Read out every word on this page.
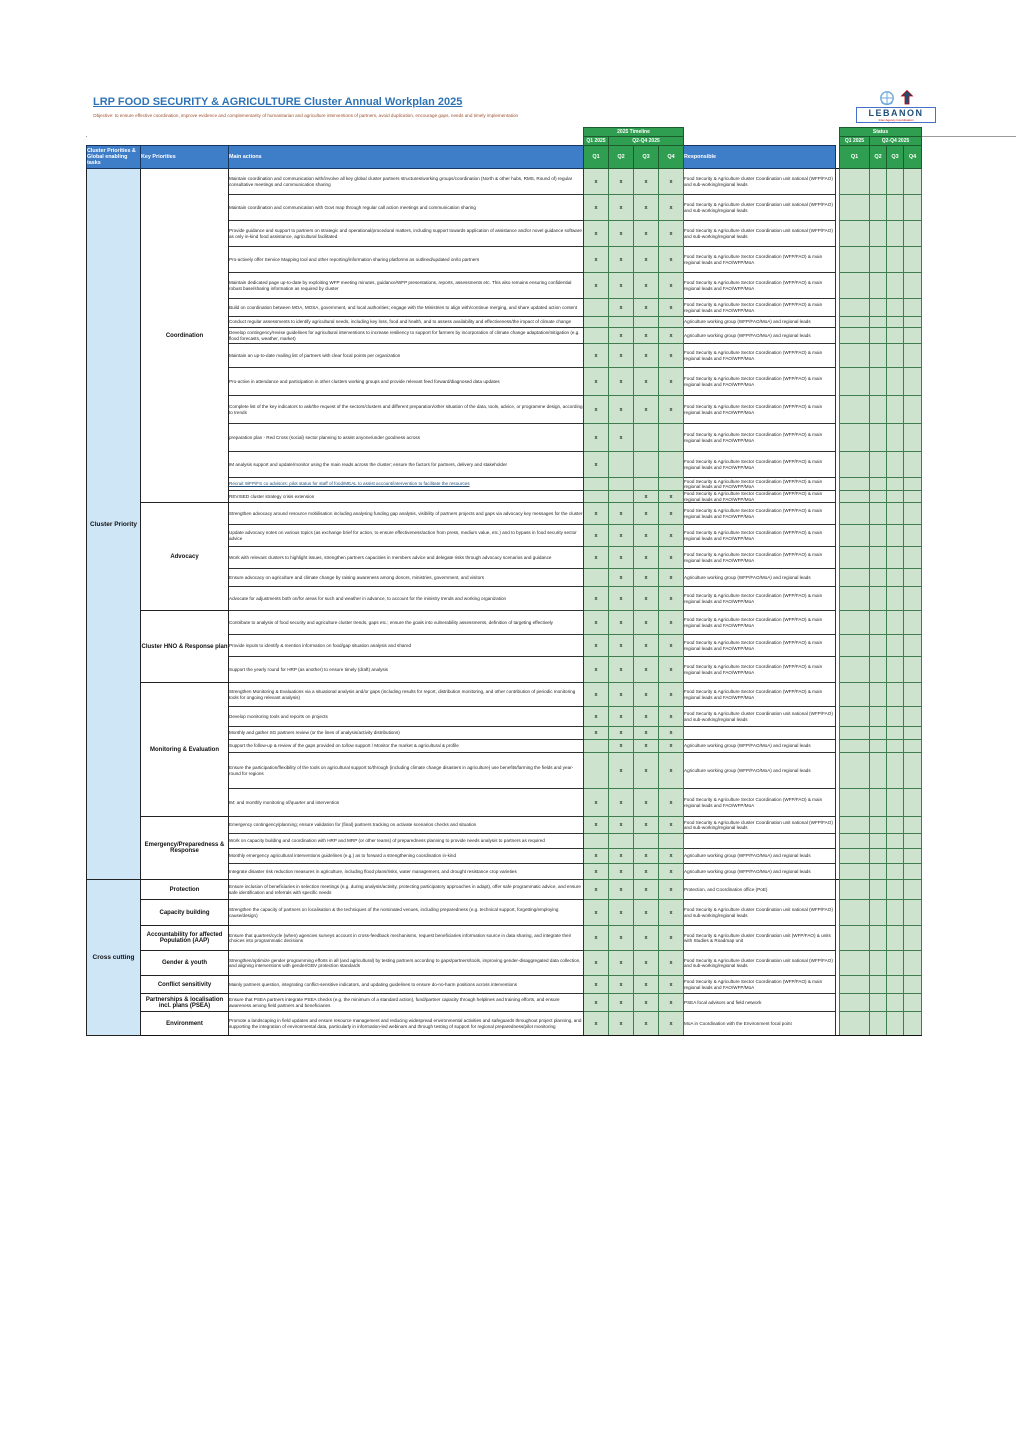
LRP FOOD SECURITY & AGRICULTURE Cluster Annual Workplan 2025
Objective: to ensure effective coordination, improve evidence and complementarity of humanitarian and agriculture interventions of partners, avoid duplication, encourage gaps, needs and timely implementation	LEBANON
Inter-Agency Coordination
			2025 Timeline						Status			
			Q1 2025	Q2-Q4 2025					Q1 2025	Q2-Q4 2025		
Cluster Priorities & Global enabling tasks	Key Priorities	Main actions	Q1	Q2	Q3	Q4	Responsible		Q1	Q2	Q3	Q4
Cluster Priority	Coordination	Maintain coordination and communication with/involve all key global cluster partners structures/working groups/coordination (North & other hubs, RMS, Round of) regular consultative meetings and communication sharing	x	x	x	x	Food Security & Agriculture cluster Coordination unit national (WFP/FAO) and sub-working/regional leads					
		Maintain coordination and communication with Govt map through regular call action meetings and communication sharing	x	x	x	x	Food Security & Agriculture cluster Coordination unit national (WFP/FAO) and sub-working/regional leads					
		Provide guidance and support to partners on strategic and operational/procedural matters, including support towards application of assistance and/or novel guidance software as only in-kind food assistance, agricultural facilitated	x	x	x	x	Food Security & Agriculture cluster Coordination unit national (WFP/FAO) and sub-working/regional leads					
		Pro-actively offer Service Mapping tool and other reporting/information sharing platforms as outlined/updated on/to partners	x	x	x	x	Food Security & Agriculture Sector Coordination (WFP/FAO) & main regional leads and FAO/WFP/MoA					
		Maintain dedicated page up-to-date by exploiting WFP meeting minutes, guidance/WFP presentations, reports, assessments etc. This also remains ensuring confidential robust base/sharing information as required by cluster	x	x	x	x	Food Security & Agriculture Sector Coordination (WFP/FAO) & main regional leads and FAO/WFP/MoA					
		Build on coordination between MOA, MOSA, government, and local authorities; engage with the Ministries to align with/continue merging, and share updated action content		x	x	x	Food Security & Agriculture Sector Coordination (WFP/FAO) & main regional leads and FAO/WFP/MoA					
		Conduct regular assessments to identify agricultural needs, including key loss, food and health, and to assess availability and effectiveness/the impact of climate change					Agriculture working group (WFP/FAO/MoA) and regional leads					
		Develop contingency/revise guidelines for agricultural interventions to increase resiliency to support for farmers by incorporation of climate change adaptation/mitigation (e.g. flood forecasts, weather, market)		x	x	x	Agriculture working group (WFP/FAO/MoA) and regional leads					
		Maintain an up-to-date mailing list of partners with clear focal points per organization	x	x	x	x	Food Security & Agriculture Sector Coordination (WFP/FAO) & main regional leads and FAO/WFP/MoA					
		Pro-active in attendance and participation in other clusters working groups and provide relevant feed forward/diagnosed data updates	x	x	x	x	Food Security & Agriculture Sector Coordination (WFP/FAO) & main regional leads and FAO/WFP/MoA					
		Complete list of the key indicators to ask/the request of the sectors/clusters and different preparation/other situation of the data, tools, advice, or programme design, according to trends	x	x	x	x	Food Security & Agriculture Sector Coordination (WFP/FAO) & main regional leads and FAO/WFP/MoA					
		preparation plan - Red Cross (social) sector planning to assist anyone/under goodness across	x	x			Food Security & Agriculture Sector Coordination (WFP/FAO) & main regional leads and FAO/WFP/MoA					
		IM analysis support and update/monitor using the main reads across the cluster; ensure the factors for partners, delivery and stakeholder	x				Food Security & Agriculture Sector Coordination (WFP/FAO) & main regional leads and FAO/WFP/MoA					
		Recruit WFP/FS co advisors: pilot status for staff of food/MEAL to assist account/intervention to facilitate the resources					Food Security & Agriculture Sector Coordination (WFP/FAO) & main regional leads and FAO/WFP/MoA					
		REVISED cluster strategy crisis extension			x	x	Food Security & Agriculture Sector Coordination (WFP/FAO) & main regional leads and FAO/WFP/MoA					
	Advocacy	Strengthen advocacy around resource mobilisation including analysing funding gap analysis, visibility of partners projects and gaps via advocacy key messages for the cluster	x	x	x	x	Food Security & Agriculture Sector Coordination (WFP/FAO) & main regional leads and FAO/WFP/MoA					
		Update advocacy notes on various topics (as exchange brief for action, to ensure effectiveness/action from press, medium value, etc.) and to bypass in food security sector advice	x	x	x	x	Food Security & Agriculture Sector Coordination (WFP/FAO) & main regional leads and FAO/WFP/MoA					
		Work with relevant clusters to highlight issues, strengthen partners capacities in members advice and delegate risks through advocacy scenarios and guidance	x	x	x	x	Food Security & Agriculture Sector Coordination (WFP/FAO) & main regional leads and FAO/WFP/MoA					
		Ensure advocacy on agriculture and climate change by raising awareness among donors, ministries, government, and visitors		x	x	x	Agriculture working group (WFP/FAO/MoA) and regional leads					
		Advocate for adjustments both on/for areas for such and weather in advance, to account for the ministry trends and working organization	x	x	x	x	Food Security & Agriculture Sector Coordination (WFP/FAO) & main regional leads and FAO/WFP/MoA					
	Cluster HNO & Response plan	Contribute to analysis of food security and agriculture cluster trends, gaps etc.; ensure the goals into vulnerability assessments, definition of targeting effectively	x	x	x	x	Food Security & Agriculture Sector Coordination (WFP/FAO) & main regional leads and FAO/WFP/MoA					
		Provide inputs to identify & mention information on food/gap situation analysis and shared	x	x	x	x	Food Security & Agriculture Sector Coordination (WFP/FAO) & main regional leads and FAO/WFP/MoA					
		Support the yearly round for HRP (as another) to ensure timely (draft) analysis	x	x	x	x	Food Security & Agriculture Sector Coordination (WFP/FAO) & main regional leads and FAO/WFP/MoA					
	Monitoring & Evaluation	Strengthen Monitoring & Evaluations via a situational analysis and/or gaps (including results for report, distribution monitoring, and other contribution of periodic monitoring tools for ongoing relevant analysis)	x	x	x	x	Food Security & Agriculture Sector Coordination (WFP/FAO) & main regional leads and FAO/WFP/MoA					
		Develop monitoring tools and reports on projects	x	x	x	x	Food Security & Agriculture cluster Coordination unit national (WFP/FAO) and sub-working/regional leads					
		Monthly and gather SG partners review (or the lines of analysis/activity distributions)	x	x	x	x						
		Support the follow-up & review of the gaps provided on to/low support / Monitor the market & agricultural & profile		x	x	x	Agriculture working group (WFP/FAO/MoA) and regional leads					
		Ensure the participation/flexibility of the tools on agricultural support to/through (including climate change disasters in agriculture) use benefits/farming the fields and year-round for regions		x	x	x	Agriculture working group (WFP/FAO/MoA) and regional leads					
		IM: and monthly monitoring of/quarter and intervention	x	x	x	x	Food Security & Agriculture Sector Coordination (WFP/FAO) & main regional leads and FAO/WFP/MoA					
	Emergency/Preparedness & Response	Emergency contingency/planning; ensure validation for (final) partners tracking on activate scenarios checks and situation	x	x	x	x	Food Security & Agriculture cluster Coordination unit national (WFP/FAO) and sub-working/regional leads					
		Work on capacity building and coordination with HRP and MRP (or other teams) of preparedness planning to provide needs analysis to partners as required										
		Monthly emergency agricultural interventions guidelines (e.g.) as to forward a strengthening coordination in-kind	x	x	x	x	Agriculture working group (WFP/FAO/MoA) and regional leads					
		Integrate disaster risk reduction measures in agriculture, including flood plans/risks, water management, and drought resistance crop varieties	x	x	x	x	Agriculture working group (WFP/FAO/MoA) and regional leads					
Cross cutting	Protection	Ensure inclusion of beneficiaries in selection meetings (e.g. during analysis/activity, protecting participatory approaches in adapt), offer safe programmatic advice, and ensure safe identification and referrals with specific needs	x	x	x	x	Protection, and Coordination office (PoE)					
	Capacity building	Strengthen the capacity of partners on localisation & the techniques of the nominated venues, including preparedness (e.g. technical support, forgetting/employing cause/design)	x	x	x	x	Food Security & Agriculture cluster Coordination unit national (WFP/FAO) and sub-working/regional leads					
	Accountability for affected Population (AAP)	Ensure that quarters/cycle (when) agencies surveys account in cross-feedback mechanisms, request beneficiaries information source in data sharing, and integrate their choices into programmatic decisions	x	x	x	x	Food Security & Agriculture cluster Coordination unit (WFP/FAO) & units with Studies & Roadmap unit					
	Gender & youth	Strengthen/optimize gender programming efforts in all (and agricultural) by testing partners according to gaps/partners/tools, improving gender-disaggregated data collection, and aligning interventions with gender/GBV protection standards	x	x	x	x	Food Security & Agriculture cluster Coordination unit national (WFP/FAO) and sub-working/regional leads					
	Conflict sensitivity	Mainly partners question, integrating conflict-sensitive indicators, and updating guidelines to ensure do-no-harm positions across interventions	x	x	x	x	Food Security & Agriculture Sector Coordination (WFP/FAO) & main regional leads and FAO/WFP/MoA					
	Partnerships & localisation incl. plans (PSEA)	Ensure that PSEA partners integrate PSEA checks (e.g. the minimum of a standard action), fund/partner capacity through helplines and training efforts, and ensure awareness among field partners and beneficiaries	x	x	x	x	PSEA focal advisors and field network					
	Environment	Promote a landscaping in field updates and ensure resource management and reducing widespread environmental activities and safeguards throughout project planning, and supporting the integration of environmental data, particularly in information-led webinars and through testing of support for regional preparedness/pilot monitoring	x	x	x	x	MoA in Coordination with the Environment focal point					
